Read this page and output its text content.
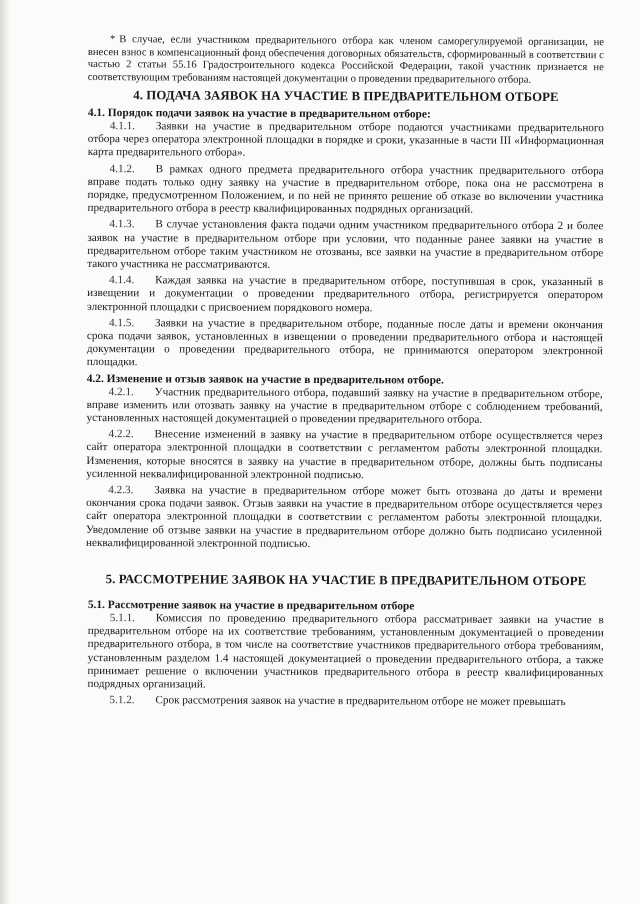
* В случае, если участником предварительного отбора как членом саморегулируемой организации, не внесен взнос в компенсационный фонд обеспечения договорных обязательств, сформированный в соответствии с частью 2 статьи 55.16 Градостроительного кодекса Российской Федерации, такой участник признается не соответствующим требованиям настоящей документации о проведении предварительного отбора.
4. ПОДАЧА ЗАЯВОК НА УЧАСТИЕ В ПРЕДВАРИТЕЛЬНОМ ОТБОРЕ
4.1. Порядок подачи заявок на участие в предварительном отборе:

4.1.1. Заявки на участие в предварительном отборе подаются участниками предварительного отбора через оператора электронной площадки в порядке и сроки, указанные в части III «Информационная карта предварительного отбора».

4.1.2. В рамках одного предмета предварительного отбора участник предварительного отбора вправе подать только одну заявку на участие в предварительном отборе, пока она не рассмотрена в порядке, предусмотренном Положением, и по ней не принято решение об отказе во включении участника предварительного отбора в реестр квалифицированных подрядных организаций.

4.1.3. В случае установления факта подачи одним участником предварительного отбора 2 и более заявок на участие в предварительном отборе при условии, что поданные ранее заявки на участие в предварительном отборе таким участником не отозваны, все заявки на участие в предварительном отборе такого участника не рассматриваются.

4.1.4. Каждая заявка на участие в предварительном отборе, поступившая в срок, указанный в извещении и документации о проведении предварительного отбора, регистрируется оператором электронной площадки с присвоением порядкового номера.

4.1.5. Заявки на участие в предварительном отборе, поданные после даты и времени окончания срока подачи заявок, установленных в извещении о проведении предварительного отбора и настоящей документации о проведении предварительного отбора, не принимаются оператором электронной площадки.

4.2. Изменение и отзыв заявок на участие в предварительном отборе.

4.2.1. Участник предварительного отбора, подавший заявку на участие в предварительном отборе, вправе изменить или отозвать заявку на участие в предварительном отборе с соблюдением требований, установленных настоящей документацией о проведении предварительного отбора.

4.2.2. Внесение изменений в заявку на участие в предварительном отборе осуществляется через сайт оператора электронной площадки в соответствии с регламентом работы электронной площадки. Изменения, которые вносятся в заявку на участие в предварительном отборе, должны быть подписаны усиленной неквалифицированной электронной подписью.

4.2.3. Заявка на участие в предварительном отборе может быть отозвана до даты и времени окончания срока подачи заявок. Отзыв заявки на участие в предварительном отборе осуществляется через сайт оператора электронной площадки в соответствии с регламентом работы электронной площадки. Уведомление об отзыве заявки на участие в предварительном отборе должно быть подписано усиленной неквалифицированной электронной подписью.

5. РАССМОТРЕНИЕ ЗАЯВОК НА УЧАСТИЕ В ПРЕДВАРИТЕЛЬНОМ ОТБОРЕ
5.1. Рассмотрение заявок на участие в предварительном отборе

5.1.1. Комиссия по проведению предварительного отбора рассматривает заявки на участие в предварительном отборе на их соответствие требованиям, установленным документацией о проведении предварительного отбора, в том числе на соответствие участников предварительного отбора требованиям, установленным разделом 1.4 настоящей документацией о проведении предварительного отбора, а также принимает решение о включении участников предварительного отбора в реестр квалифицированных подрядных организаций.

5.1.2. Срок рассмотрения заявок на участие в предварительном отборе не может превышать
